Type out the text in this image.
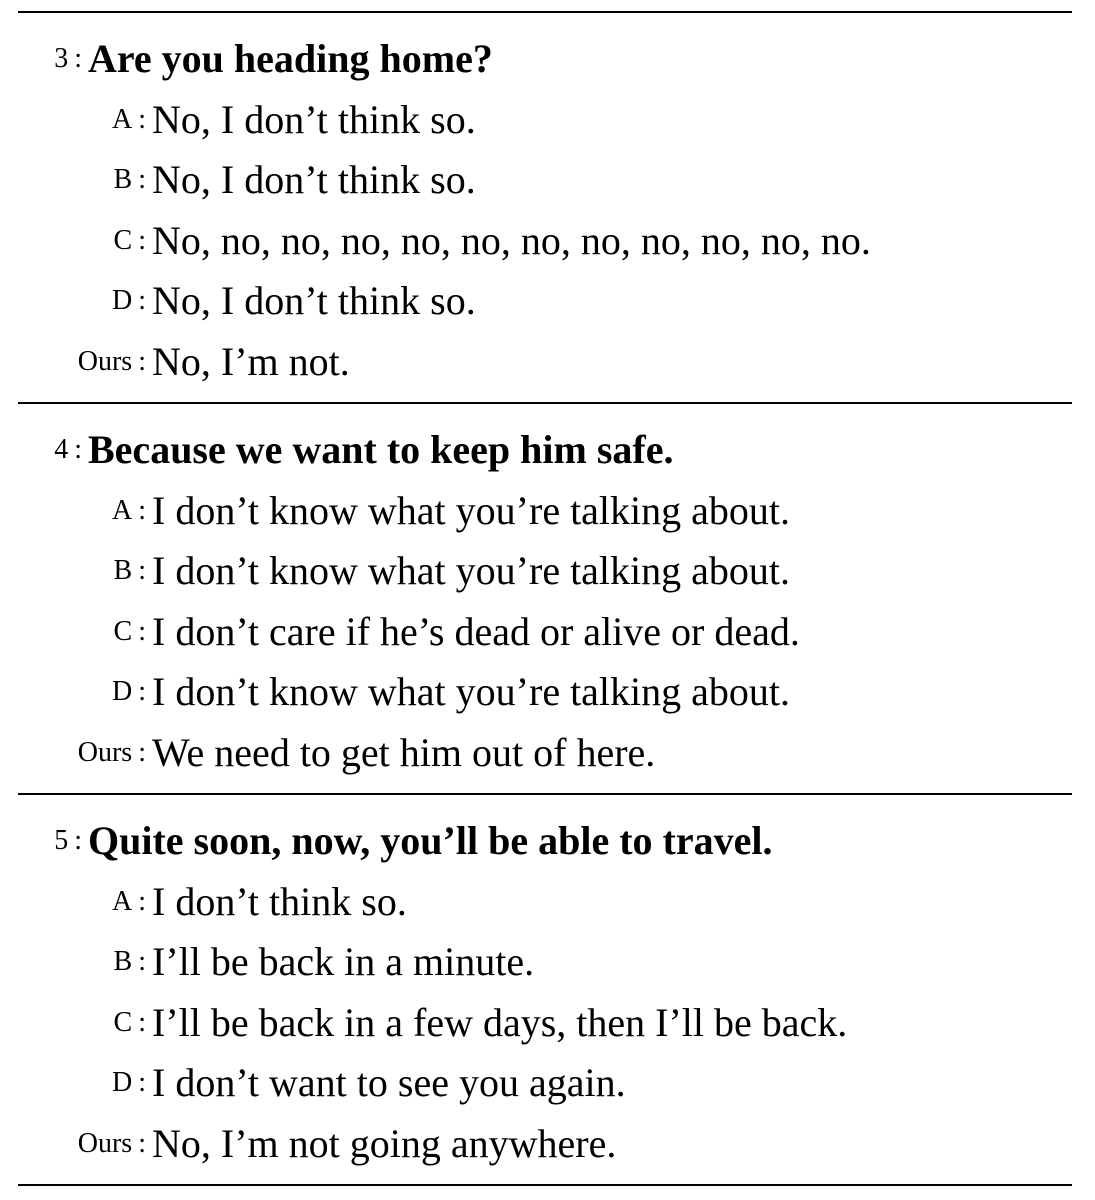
3 : Are you heading home?
A : No, I don’t think so.
B : No, I don’t think so.
C : No, no, no, no, no, no, no, no, no, no, no, no.
D : No, I don’t think so.
Ours : No, I’m not.
4 : Because we want to keep him safe.
A : I don’t know what you’re talking about.
B : I don’t know what you’re talking about.
C : I don’t care if he’s dead or alive or dead.
D : I don’t know what you’re talking about.
Ours : We need to get him out of here.
5 : Quite soon, now, you’ll be able to travel.
A : I don’t think so.
B : I’ll be back in a minute.
C : I’ll be back in a few days, then I’ll be back.
D : I don’t want to see you again.
Ours : No, I’m not going anywhere.
